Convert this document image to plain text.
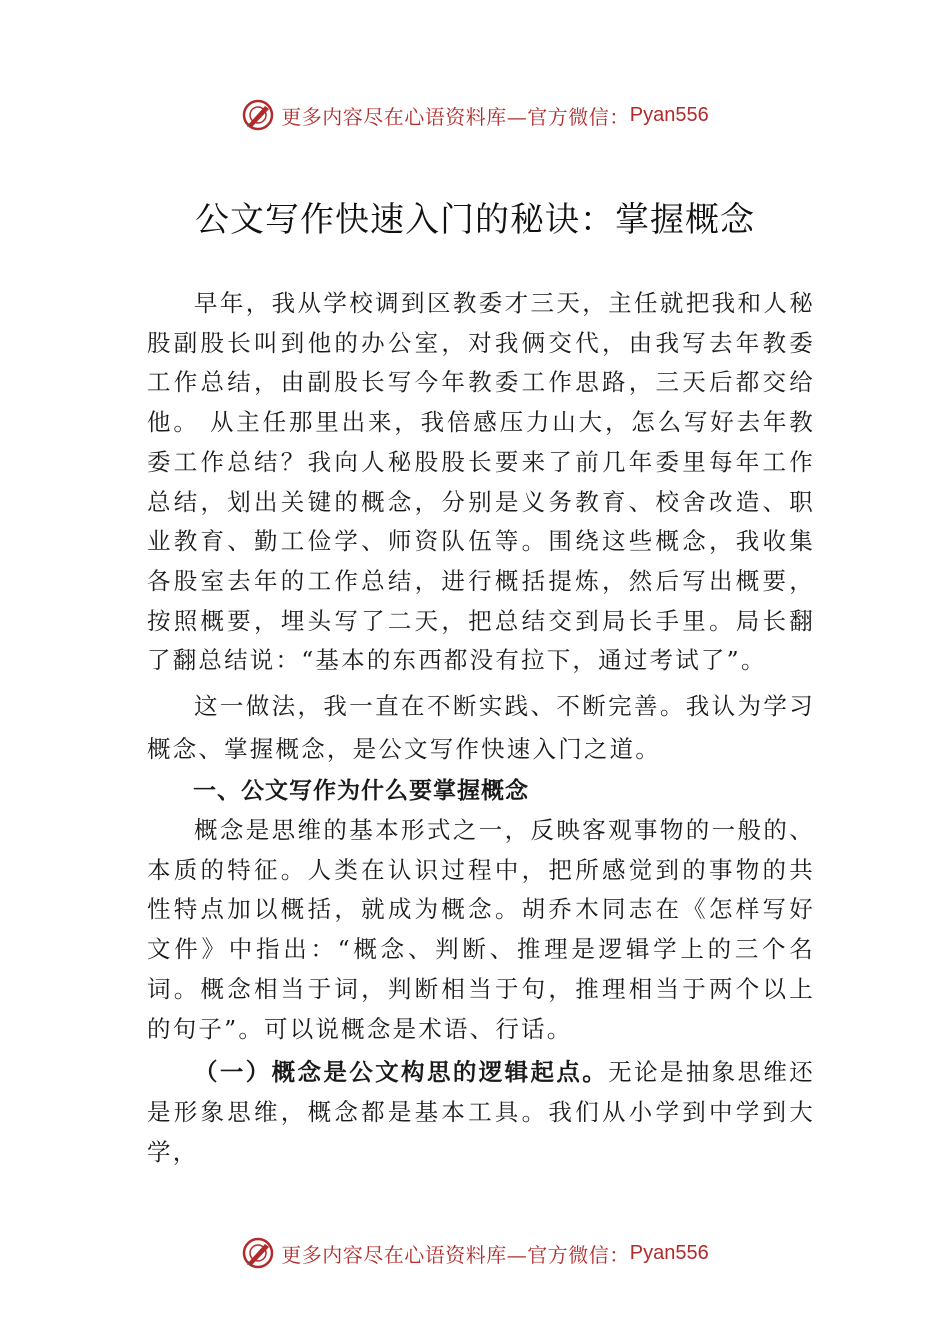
更多内容尽在心语资料库—官方微信： Pyan556
公文写作快速入门的秘诀：掌握概念

早年，我从学校调到区教委才三天，主任就把我和人秘股副股长叫到他的办公室，对我俩交代，由我写去年教委工作总结，由副股长写今年教委工作思路，三天后都交给他。 从主任那里出来，我倍感压力山大，怎么写好去年教委工作总结？我向人秘股股长要来了前几年委里每年工作总结，划出关键的概念，分别是义务教育、校舍改造、职业教育、勤工俭学、师资队伍等。围绕这些概念，我收集各股室去年的工作总结，进行概括提炼，然后写出概要，按照概要，埋头写了二天，把总结交到局长手里。局长翻了翻总结说：“基本的东西都没有拉下，通过考试了”。

这一做法，我一直在不断实践、不断完善。我认为学习概念、掌握概念，是公文写作快速入门之道。

一、公文写作为什么要掌握概念

概念是思维的基本形式之一，反映客观事物的一般的、本质的特征。人类在认识过程中，把所感觉到的事物的共性特点加以概括，就成为概念。胡乔木同志在《怎样写好文件》中指出：“概念、判断、推理是逻辑学上的三个名词。概念相当于词，判断相当于句，推理相当于两个以上的句子”。可以说概念是术语、行话。

（一）概念是公文构思的逻辑起点。无论是抽象思维还是形象思维，概念都是基本工具。我们从小学到中学到大学，

更多内容尽在心语资料库—官方微信： Pyan556
